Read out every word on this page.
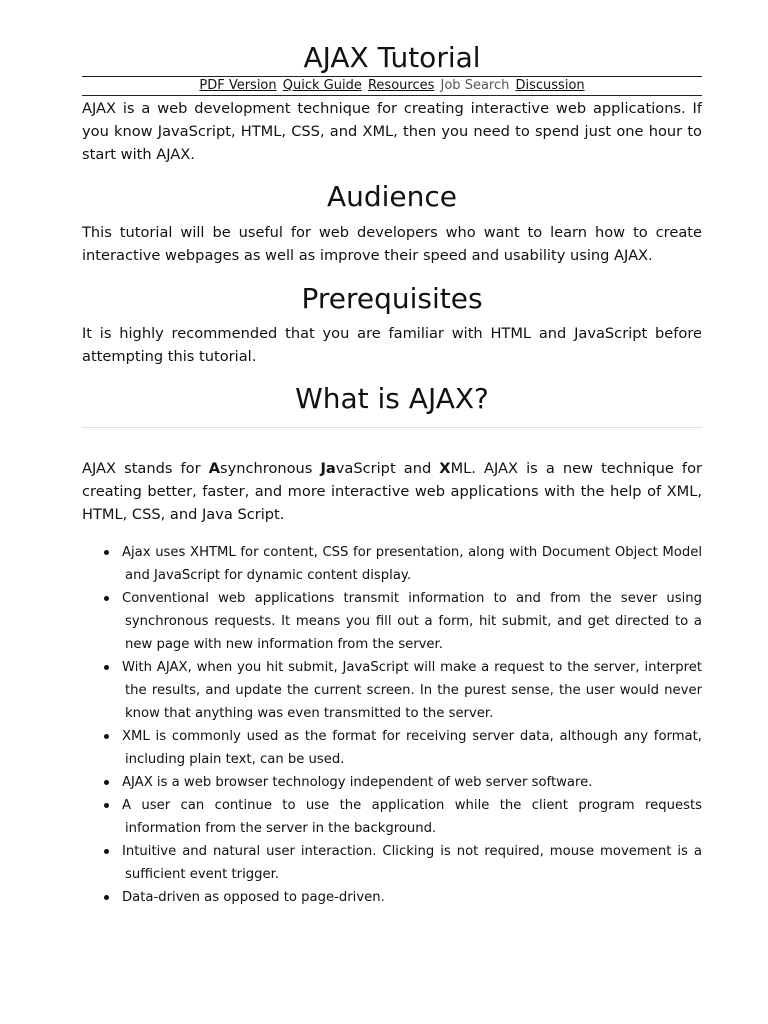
AJAX Tutorial
PDF Version Quick Guide Resources Job Search Discussion

AJAX is a web development technique for creating interactive web applications. If you know JavaScript, HTML, CSS, and XML, then you need to spend just one hour to start with AJAX.

Audience

This tutorial will be useful for web developers who want to learn how to create interactive webpages as well as improve their speed and usability using AJAX.

Prerequisites

It is highly recommended that you are familiar with HTML and JavaScript before attempting this tutorial.

What is AJAX?

AJAX stands for Asynchronous JavaScript and XML. AJAX is a new technique for creating better, faster, and more interactive web applications with the help of XML, HTML, CSS, and Java Script.

Ajax uses XHTML for content, CSS for presentation, along with Document Object Model and JavaScript for dynamic content display.
Conventional web applications transmit information to and from the sever using synchronous requests. It means you fill out a form, hit submit, and get directed to a new page with new information from the server.
With AJAX, when you hit submit, JavaScript will make a request to the server, interpret the results, and update the current screen. In the purest sense, the user would never know that anything was even transmitted to the server.
XML is commonly used as the format for receiving server data, although any format, including plain text, can be used.
AJAX is a web browser technology independent of web server software.
A user can continue to use the application while the client program requests information from the server in the background.
Intuitive and natural user interaction. Clicking is not required, mouse movement is a sufficient event trigger.
Data-driven as opposed to page-driven.
